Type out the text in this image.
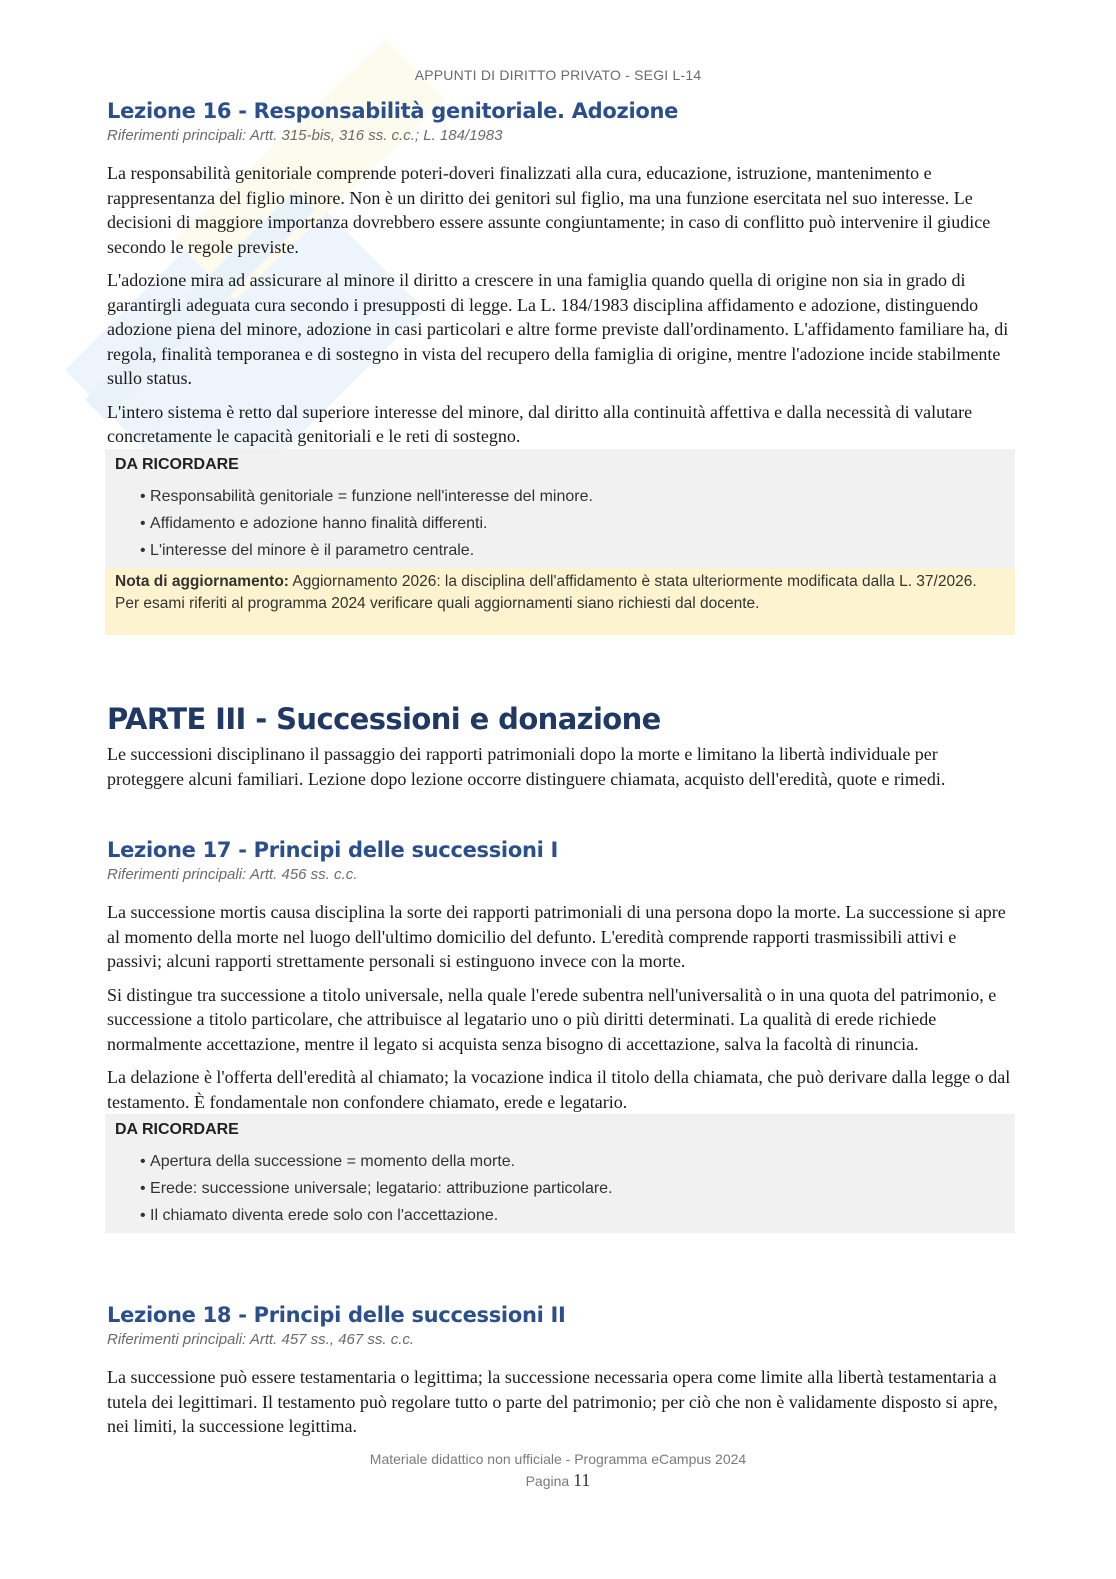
APPUNTI DI DIRITTO PRIVATO - SEGI L-14
Lezione 16 - Responsabilità genitoriale. Adozione
Riferimenti principali: Artt. 315-bis, 316 ss. c.c.; L. 184/1983

La responsabilità genitoriale comprende poteri-doveri finalizzati alla cura, educazione, istruzione, mantenimento e rappresentanza del figlio minore. Non è un diritto dei genitori sul figlio, ma una funzione esercitata nel suo interesse. Le decisioni di maggiore importanza dovrebbero essere assunte congiuntamente; in caso di conflitto può intervenire il giudice secondo le regole previste.

L'adozione mira ad assicurare al minore il diritto a crescere in una famiglia quando quella di origine non sia in grado di garantirgli adeguata cura secondo i presupposti di legge. La L. 184/1983 disciplina affidamento e adozione, distinguendo adozione piena del minore, adozione in casi particolari e altre forme previste dall'ordinamento. L'affidamento familiare ha, di regola, finalità temporanea e di sostegno in vista del recupero della famiglia di origine, mentre l'adozione incide stabilmente sullo status.

L'intero sistema è retto dal superiore interesse del minore, dal diritto alla continuità affettiva e dalla necessità di valutare concretamente le capacità genitoriali e le reti di sostegno.

DA RICORDARE
• Responsabilità genitoriale = funzione nell'interesse del minore.
• Affidamento e adozione hanno finalità differenti.
• L'interesse del minore è il parametro centrale.
Nota di aggiornamento: Aggiornamento 2026: la disciplina dell'affidamento è stata ulteriormente modificata dalla L. 37/2026. Per esami riferiti al programma 2024 verificare quali aggiornamenti siano richiesti dal docente.
PARTE III - Successioni e donazione

Le successioni disciplinano il passaggio dei rapporti patrimoniali dopo la morte e limitano la libertà individuale per proteggere alcuni familiari. Lezione dopo lezione occorre distinguere chiamata, acquisto dell'eredità, quote e rimedi.

Lezione 17 - Principi delle successioni I
Riferimenti principali: Artt. 456 ss. c.c.

La successione mortis causa disciplina la sorte dei rapporti patrimoniali di una persona dopo la morte. La successione si apre al momento della morte nel luogo dell'ultimo domicilio del defunto. L'eredità comprende rapporti trasmissibili attivi e passivi; alcuni rapporti strettamente personali si estinguono invece con la morte.

Si distingue tra successione a titolo universale, nella quale l'erede subentra nell'universalità o in una quota del patrimonio, e successione a titolo particolare, che attribuisce al legatario uno o più diritti determinati. La qualità di erede richiede normalmente accettazione, mentre il legato si acquista senza bisogno di accettazione, salva la facoltà di rinuncia.

La delazione è l'offerta dell'eredità al chiamato; la vocazione indica il titolo della chiamata, che può derivare dalla legge o dal testamento. È fondamentale non confondere chiamato, erede e legatario.

DA RICORDARE
• Apertura della successione = momento della morte.
• Erede: successione universale; legatario: attribuzione particolare.
• Il chiamato diventa erede solo con l'accettazione.
Lezione 18 - Principi delle successioni II
Riferimenti principali: Artt. 457 ss., 467 ss. c.c.

La successione può essere testamentaria o legittima; la successione necessaria opera come limite alla libertà testamentaria a tutela dei legittimari. Il testamento può regolare tutto o parte del patrimonio; per ciò che non è validamente disposto si apre, nei limiti, la successione legittima.

Materiale didattico non ufficiale - Programma eCampus 2024
Pagina 11
